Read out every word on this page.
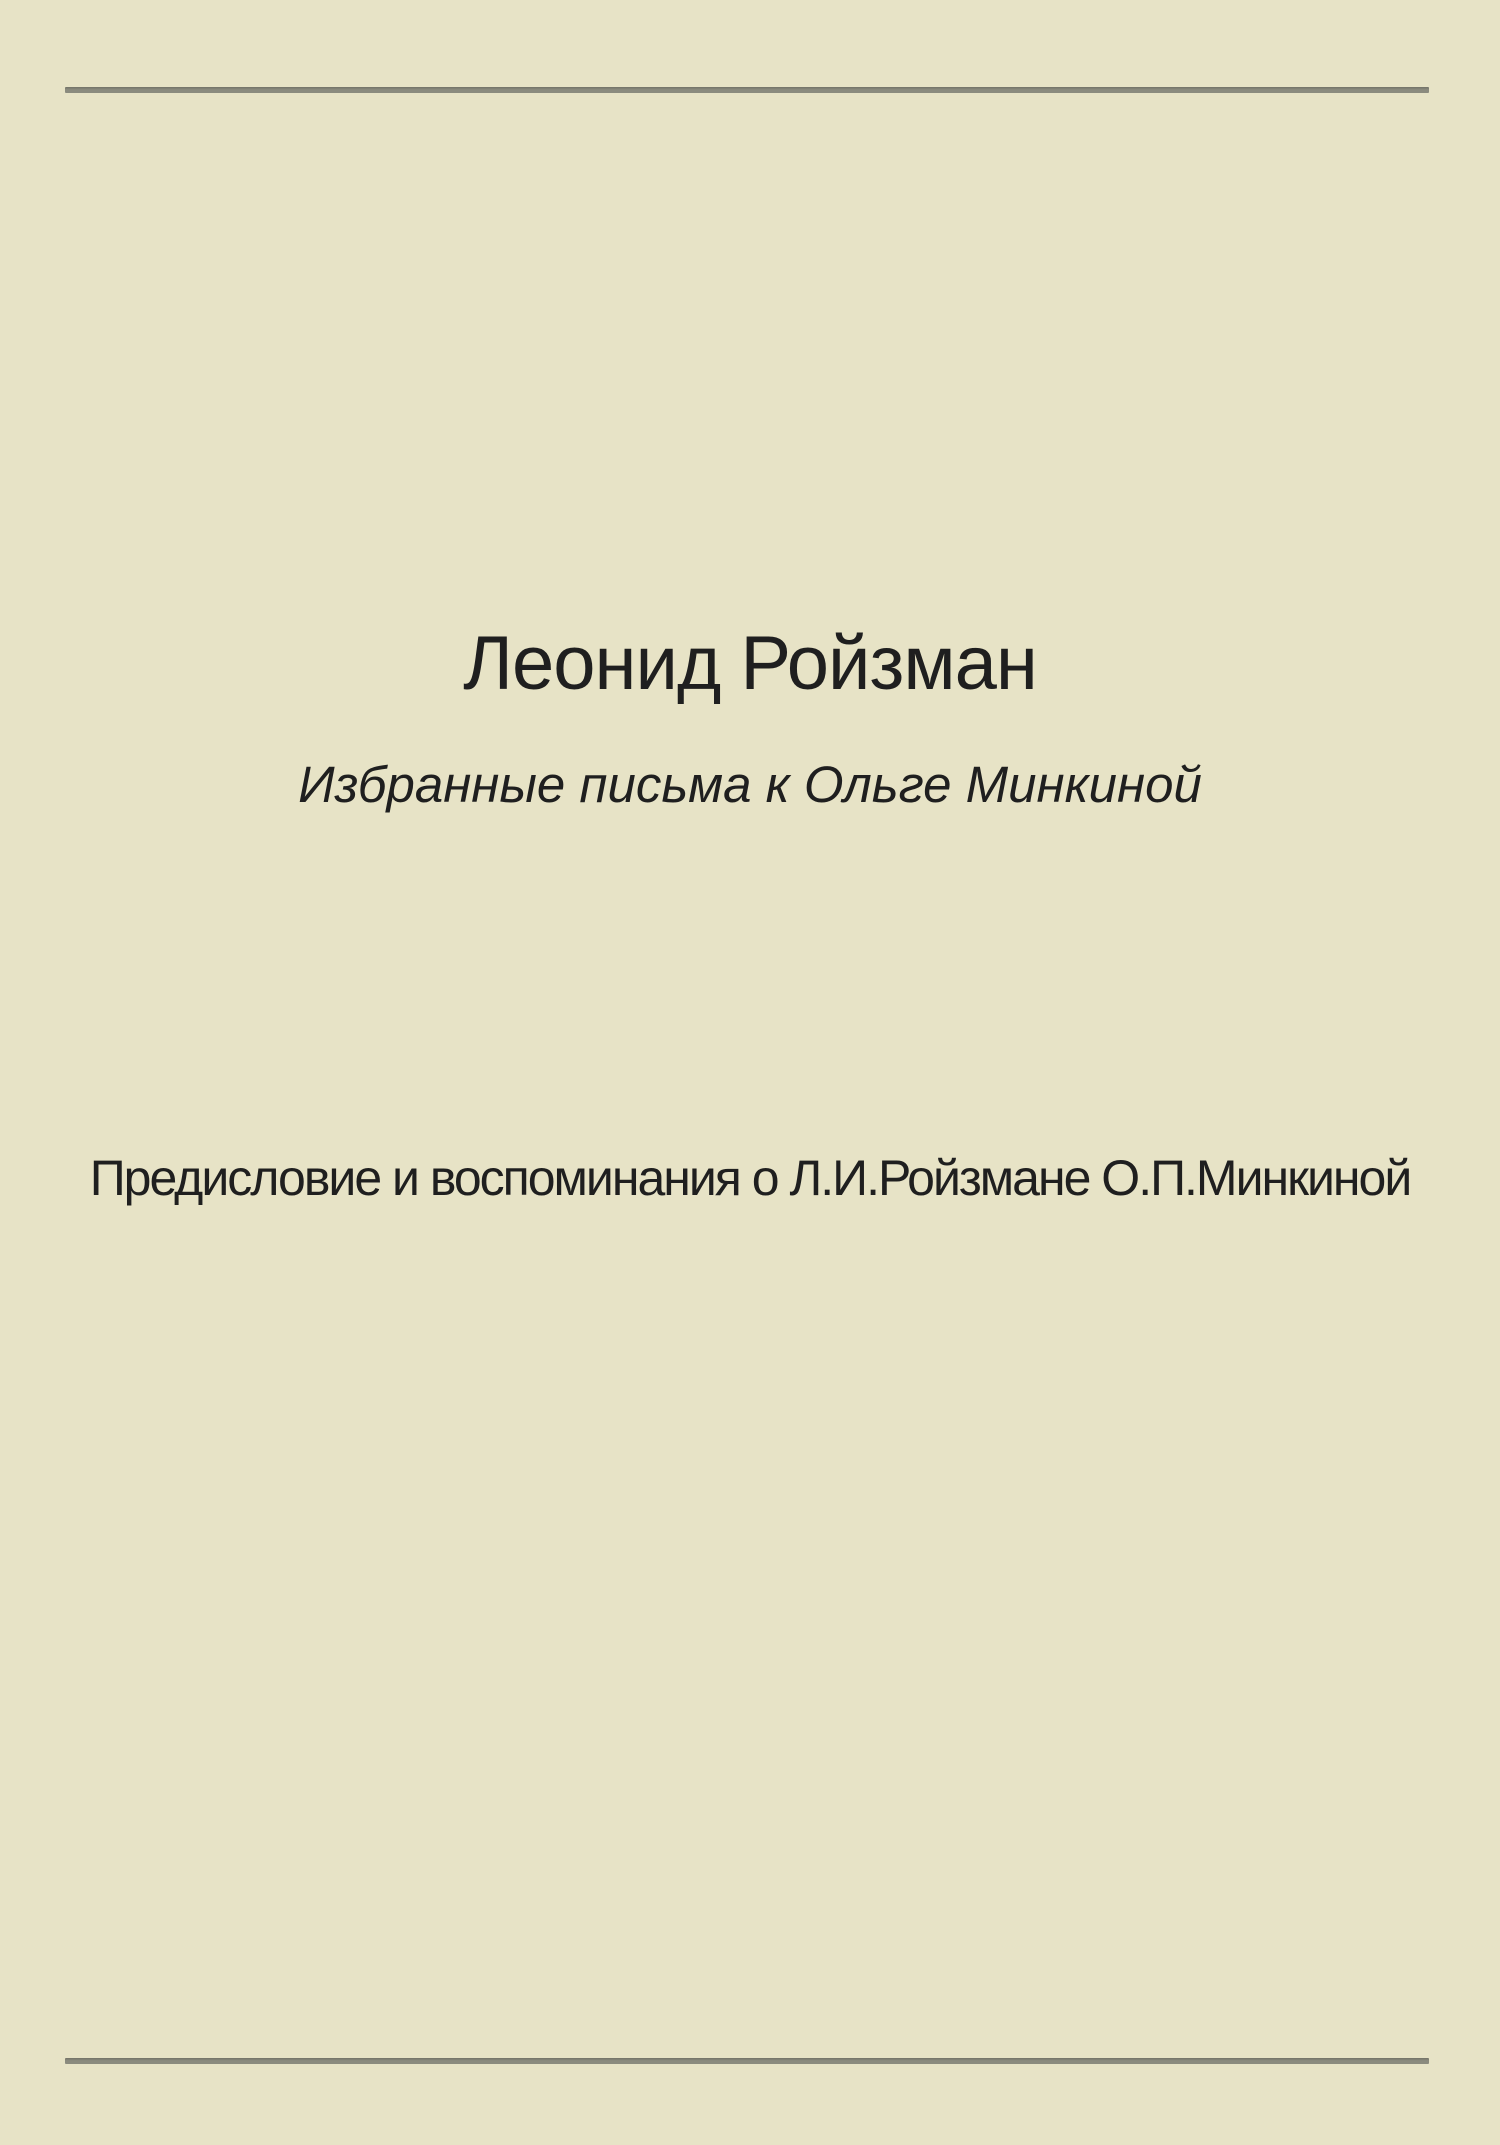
Леонид Ройзман
Избранные письма к Ольге Минкиной
Предисловие и воспоминания о Л.И.Ройзмане О.П.Минкиной
